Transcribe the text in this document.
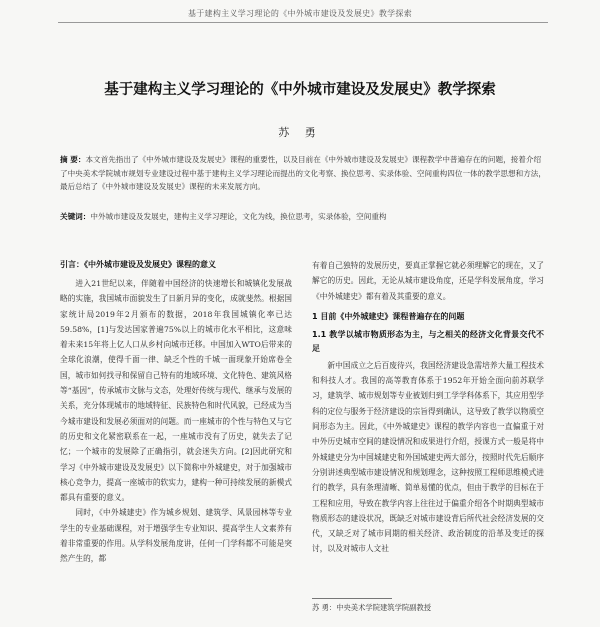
基于建构主义学习理论的《中外城市建设及发展史》教学探索
基于建构主义学习理论的《中外城市建设及发展史》教学探索
苏 勇
摘 要：本文首先指出了《中外城市建设及发展史》课程的重要性，以及目前在《中外城市建设及发展史》课程教学中普遍存在的问题，接着介绍了中央美术学院城市规划专业建设过程中基于建构主义学习理论而提出的文化考察、换位思考、实录体验、空间重构四位一体的教学思想和方法，最后总结了《中外城市建设及发展史》课程的未来发展方向。
关键词：中外城市建设及发展史，建构主义学习理论，文化为线，换位思考，实录体验，空间重构
引言：《中外城市建设及发展史》课程的意义

进入21世纪以来，伴随着中国经济的快速增长和城镇化发展战略的实施，我国城市面貌发生了日新月异的变化，成就斐然。根据国家统计局2019年2月颁布的数据，2018年我国城镇化率已达59.58%，[1]与发达国家普遍75%以上的城市化水平相比，这意味着未来15年将上亿人口从乡村向城市迁移。中国加入WTO后带来的全球化浪潮，使得千面一律、缺乏个性的千城一面现象开始席卷全国，城市如何找寻和保留自己特有的地域环境、文化特色、建筑风格等“基因”，传承城市文脉与文态，处理好传统与现代、继承与发展的关系，充分体现城市的地域特征、民族特色和时代风貌，已经成为当今城市建设和发展必须面对的问题。而一座城市的个性与特色又与它的历史和文化紧密联系在一起，一座城市没有了历史，就失去了记忆；一个城市的发展除了正确指引，就会迷失方向。[2]因此研究和学习《中外城市建设及发展史》以下简称中外城建史，对于加强城市核心竞争力，提高一座城市的软实力，建构一种可持续发展的新模式都具有重要的意义。

同时，《中外城建史》作为城乡规划、建筑学、风景园林等专业学生的专业基础课程，对于增强学生专业知识、提高学生人文素养有着非常重要的作用。从学科发展角度讲，任何一门学科都不可能是突然产生的，都

有着自己独特的发展历史，要真正掌握它就必须理解它的现在，又了解它的历史。因此，无论从城市建设角度，还是学科发展角度，学习《中外城建史》都有着及其重要的意义。

1 目前《中外城建史》课程普遍存在的问题
1.1 教学以城市物质形态为主，与之相关的经济文化背景交代不足

新中国成立之后百废待兴，我国经济建设急需培养大量工程技术和科技人才。我国的高等教育体系于1952年开始全面向前苏联学习，建筑学、城市规划等专业被划归到工学学科体系下，其应用型学科的定位与服务于经济建设的宗旨得到确认，这导致了教学以物质空间形态为主。因此，《中外城建史》课程的教学内容也一直偏重于对中外历史城市空间的建设情况和成果进行介绍，授课方式一般是将中外城建史分为中国城建史和外国城建史两大部分，按照时代先后顺序分别讲述典型城市建设情况和规划理念，这种按照工程师思维模式进行的教学，具有条理清晰、简单易懂的优点，但由于教学的目标在于工程和应用，导致在教学内容上往往过于偏重介绍各个时期典型城市物质形态的建设状况，既缺乏对城市建设背后所代社会经济发展的交代，又缺乏对了城市同期的相关经济、政治制度的沿革及变迁的探讨，以及对城市人文社

苏 勇：中央美术学院建筑学院副教授
